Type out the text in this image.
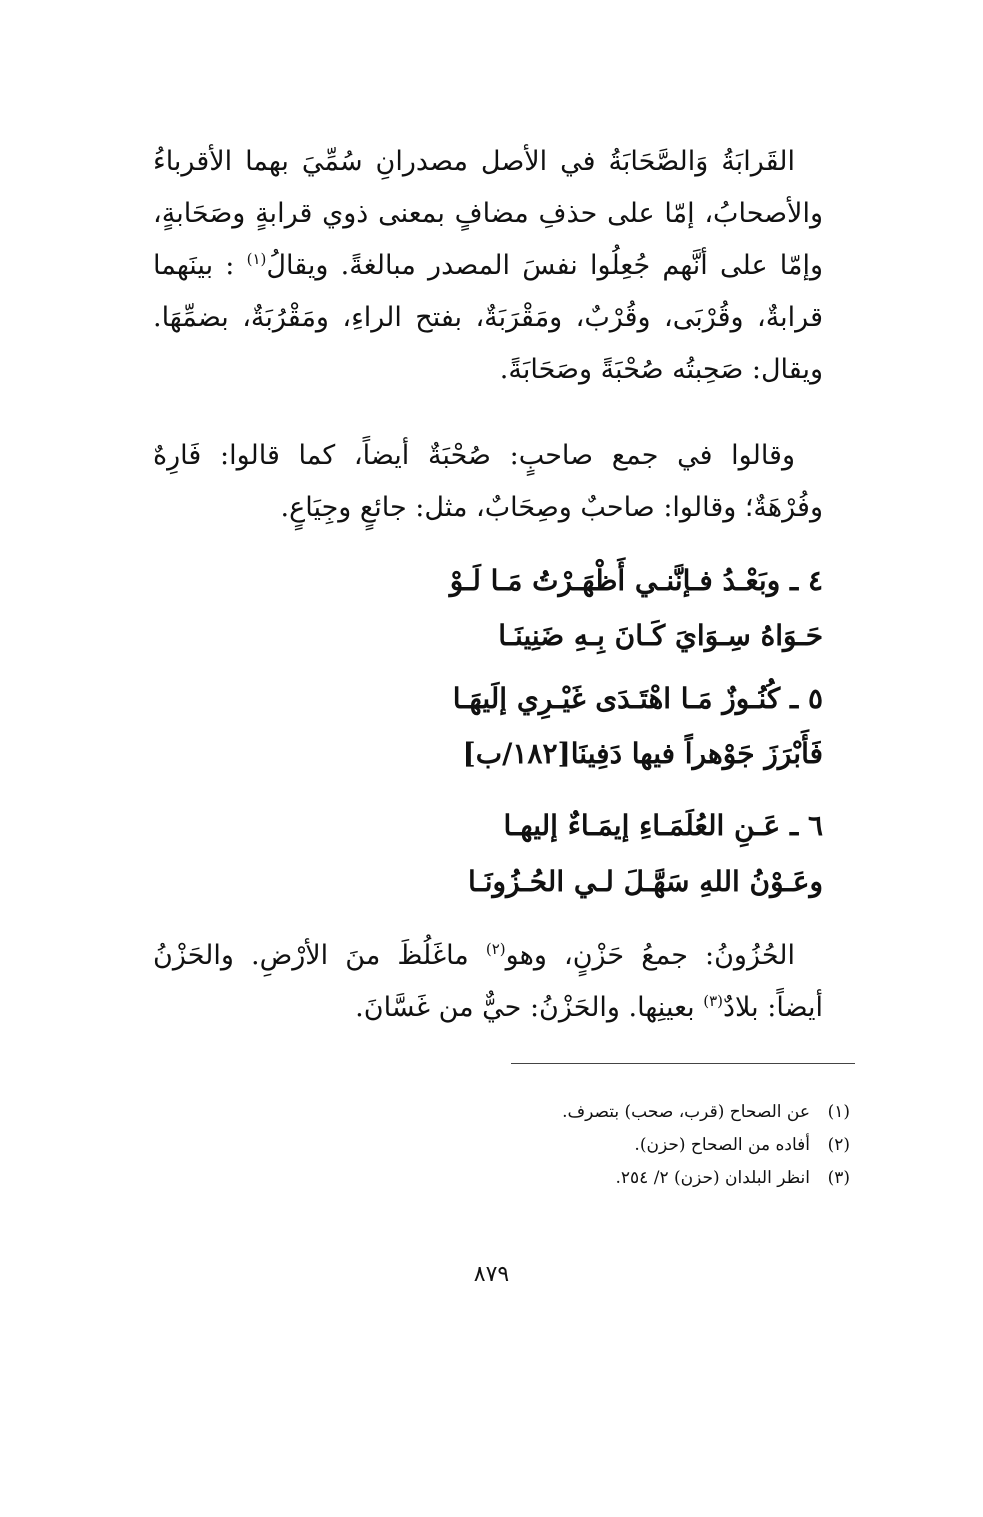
القَرابَةُ وَالصَّحَابَةُ في الأصل مصدرانِ سُمِّيَ بهما الأقرباءُ
والأصحابُ، إمّا على حذفِ مضافٍ بمعنى ذوي قرابةٍ وصَحَابةٍ،
وإمّا على أنَّهم جُعِلُوا نفسَ المصدر مبالغةً. ويقالُ$^{(١)}$ : بينَهما
قرابةٌ، وقُرْبَى، وقُرْبٌ، ومَقْرَبَةٌ، بفتح الراءِ، ومَقْرُبَةٌ، بضمِّهَا.
ويقال: صَحِبتُه صُحْبَةً وصَحَابَةً.
وقالوا في جمع صاحبٍ: صُحْبَةٌ أيضاً، كما قالوا: فَارِهٌ
وفُرْهَةٌ؛ وقالوا: صاحبٌ وصِحَابٌ، مثل: جائعٍ وجِيَاعٍ.
٤ ـ وبَعْـدُ فـإنَّنـي أَظْهَـرْتُ مَـا لَـوْ
حَـوَاهُ سِـوَايَ كَـانَ بِـهِ ضَنِينَـا
٥ ـ كُنُـوزٌ مَـا اهْتَـدَى غَيْـرِي إلَيهَـا
فَأَبْرَزَ جَوْهراً فيها دَفِينَا[١٨٢/ب]
٦ ـ عَـنِ العُلَمَـاءِ إيمَـاءٌ إليهـا
وعَـوْنُ اللهِ سَهَّـلَ لـي الحُـزُونَـا
الحُزُونُ: جمعُ حَزْنٍ، وهو$^{(٢)}$ ماغَلُظَ منَ الأرْضِ. والحَزْنُ
أيضاً: بلادٌ$^{(٣)}$ بعينِها. والحَزْنُ: حيٌّ من غَسَّانَ.
(١)عن الصحاح (قرب، صحب) بتصرف.
(٢)أفاده من الصحاح (حزن).
(٣)انظر البلدان (حزن) ٢/ ٢٥٤.
٨٧٩
